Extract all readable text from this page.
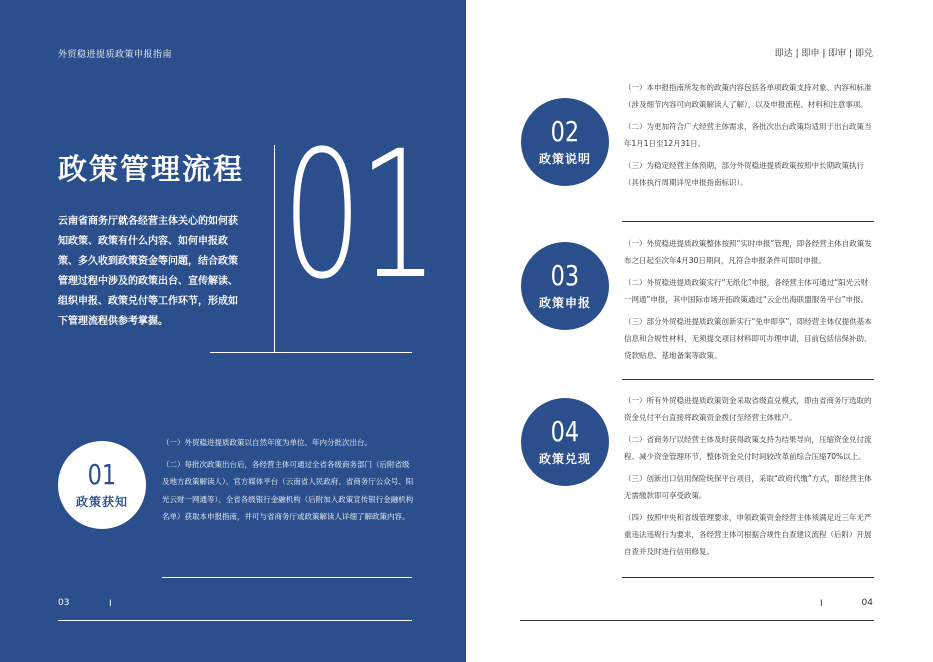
外贸稳进提质政策申报指南
政策管理流程
云南省商务厅就各经营主体关心的如何获知政策、政策有什么内容、如何申报政策、多久收到政策资金等问题，结合政策管理过程中涉及的政策出台、宣传解读、组织申报、政策兑付等工作环节，形成如下管理流程供参考掌握。
01
01
政策获知

（一）外贸稳进提质政策以自然年度为单位、年内分批次出台。

（二）每批次政策出台后，各经营主体可通过全省各级商务部门（后附省级及地方政策解读人）、官方媒体平台（云南省人民政府、省商务厅公众号、阳光云财一网通等）、全省各级银行金融机构（后附加入政策宣传银行金融机构名单）获取本申报指南，并可与省商务厅或政策解读人详细了解政策内容。

03	I
即达 | 即申 | 即审 | 即兑
02
政策说明

（一）本申报指南所发布的政策内容包括各单项政策支持对象、内容和标准（涉及细节内容可向政策解读人了解），以及申报流程、材料和注意事项。

（二）为更加符合广大经营主体需求，各批次出台政策均适用于出台政策当年1月1日至12月31日。

（三）为稳定经营主体预期，部分外贸稳进提质政策按照中长期政策执行（具体执行周期详见申报指南标识）。

03
政策申报

（一）外贸稳进提质政策整体按照“实时申报”管理，即各经营主体自政策发布之日起至次年4月30日期间，凡符合申报条件可即时申报。

（二）外贸稳进提质政策实行“无纸化”申报，各经营主体可通过“阳光云财一网通”申报，其中国际市场开拓政策通过“云企出海联盟服务平台”申报。

（三）部分外贸稳进提质政策创新实行“免申即享”，即经营主体仅提供基本信息和合规性材料，无须提交项目材料即可办理申请，目前包括信保补助、贷款贴息、基地备案等政策。

04
政策兑现

（一）所有外贸稳进提质政策资金采取省级直兑模式，即由省商务厅选取的资金兑付平台直接将政策资金拨付至经营主体账户。

（二）省商务厅以经营主体及时获得政策支持为结果导向，压缩资金兑付流程、减少资金管理环节，整体资金兑付时间较改革前综合压缩70%以上。

（三）创新出口信用保险统保平台项目，采取“政府代缴”方式，即经营主体无需缴款即可享受政策。

（四）按照中央和省级管理要求，申领政策资金经营主体须满足近三年无严重违法违规行为要求，各经营主体可根据合规性自查建议流程（后附）开展自查并及时进行信用修复。

I	04
